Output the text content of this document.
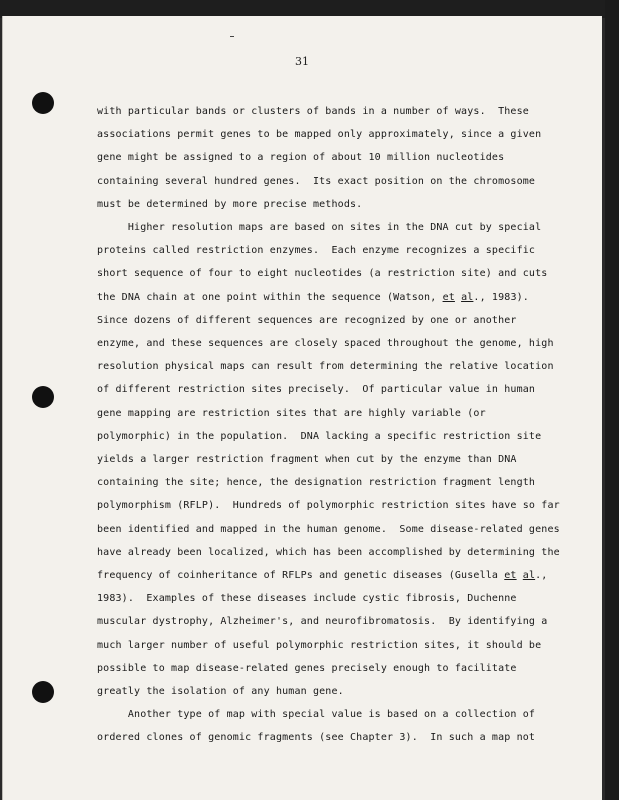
31
with particular bands or clusters of bands in a number of ways.  These
associations permit genes to be mapped only approximately, since a given
gene might be assigned to a region of about 10 million nucleotides
containing several hundred genes.  Its exact position on the chromosome
must be determined by more precise methods.
Higher resolution maps are based on sites in the DNA cut by special
proteins called restriction enzymes.  Each enzyme recognizes a specific
short sequence of four to eight nucleotides (a restriction site) and cuts
the DNA chain at one point within the sequence (Watson, et al., 1983).
Since dozens of different sequences are recognized by one or another
enzyme, and these sequences are closely spaced throughout the genome, high
resolution physical maps can result from determining the relative location
of different restriction sites precisely.  Of particular value in human
gene mapping are restriction sites that are highly variable (or
polymorphic) in the population.  DNA lacking a specific restriction site
yields a larger restriction fragment when cut by the enzyme than DNA
containing the site; hence, the designation restriction fragment length
polymorphism (RFLP).  Hundreds of polymorphic restriction sites have so far
been identified and mapped in the human genome.  Some disease-related genes
have already been localized, which has been accomplished by determining the
frequency of coinheritance of RFLPs and genetic diseases (Gusella et al.,
1983).  Examples of these diseases include cystic fibrosis, Duchenne
muscular dystrophy, Alzheimer's, and neurofibromatosis.  By identifying a
much larger number of useful polymorphic restriction sites, it should be
possible to map disease-related genes precisely enough to facilitate
greatly the isolation of any human gene.
Another type of map with special value is based on a collection of
ordered clones of genomic fragments (see Chapter 3).  In such a map not
